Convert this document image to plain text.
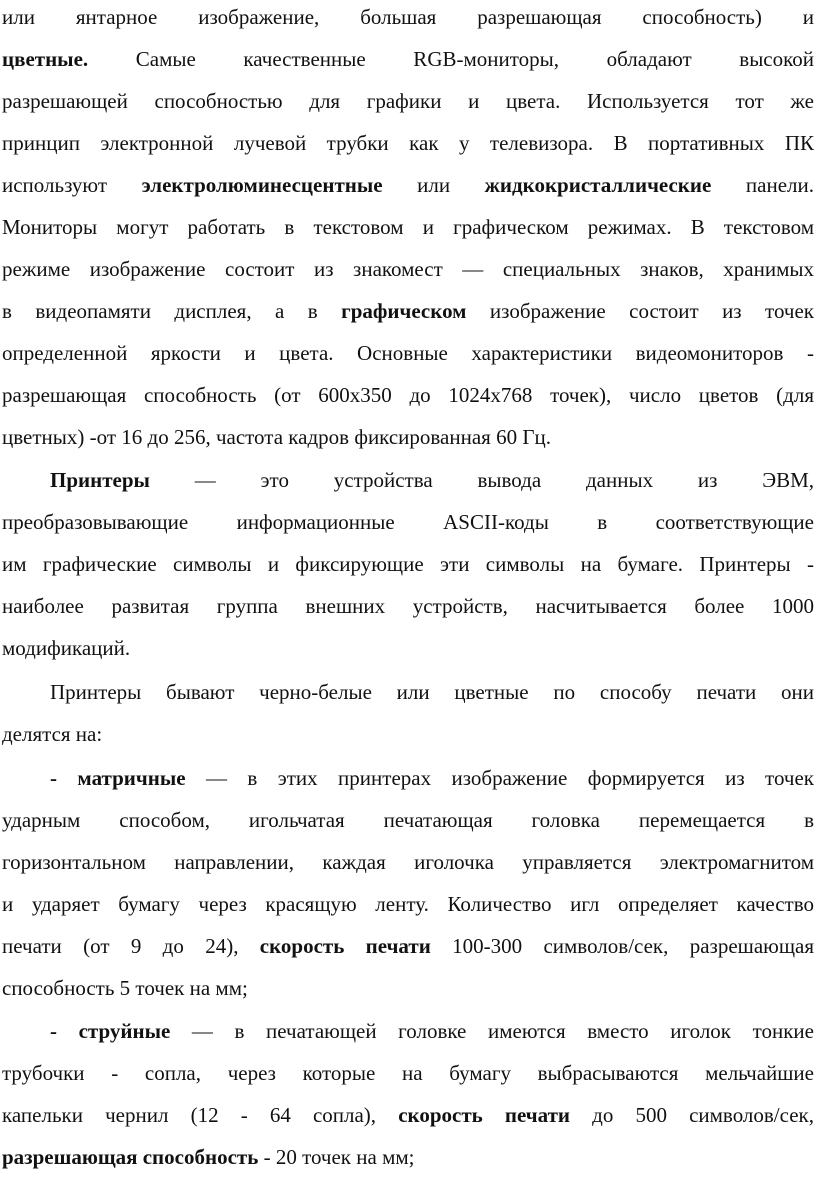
или янтарное изображение, большая разрешающая способность) и
цветные. Самые качественные RGB-мониторы, обладают высокой
разрешающей способностью для графики и цвета. Используется тот же
принцип электронной лучевой трубки как у телевизора. В портативных ПК
используют электролюминесцентные или жидкокристаллические панели.
Мониторы могут работать в текстовом и графическом режимах. В текстовом
режиме изображение состоит из знакомест — специальных знаков, хранимых
в видеопамяти дисплея, а в графическом изображение состоит из точек
определенной яркости и цвета. Основные характеристики видеомониторов -
разрешающая способность (от 600x350 до 1024x768 точек), число цветов (для
цветных) -от 16 до 256, частота кадров фиксированная 60 Гц.
Принтеры — это устройства вывода данных из ЭВМ,
преобразовывающие информационные ASCII-коды в соответствующие
им графические символы и фиксирующие эти символы на бумаге. Принтеры -
наиболее развитая группа внешних устройств, насчитывается более 1000
модификаций.
Принтеры бывают черно-белые или цветные по способу печати они
делятся на:
- матричные — в этих принтерах изображение формируется из точек
ударным способом, игольчатая печатающая головка перемещается в
горизонтальном направлении, каждая иголочка управляется электромагнитом
и ударяет бумагу через красящую ленту. Количество игл определяет качество
печати (от 9 до 24), скорость печати 100-300 символов/сек, разрешающая
способность 5 точек на мм;
- струйные — в печатающей головке имеются вместо иголок тонкие
трубочки - сопла, через которые на бумагу выбрасываются мельчайшие
капельки чернил (12 - 64 сопла), скорость печати до 500 символов/сек,
разрешающая способность - 20 точек на мм;
